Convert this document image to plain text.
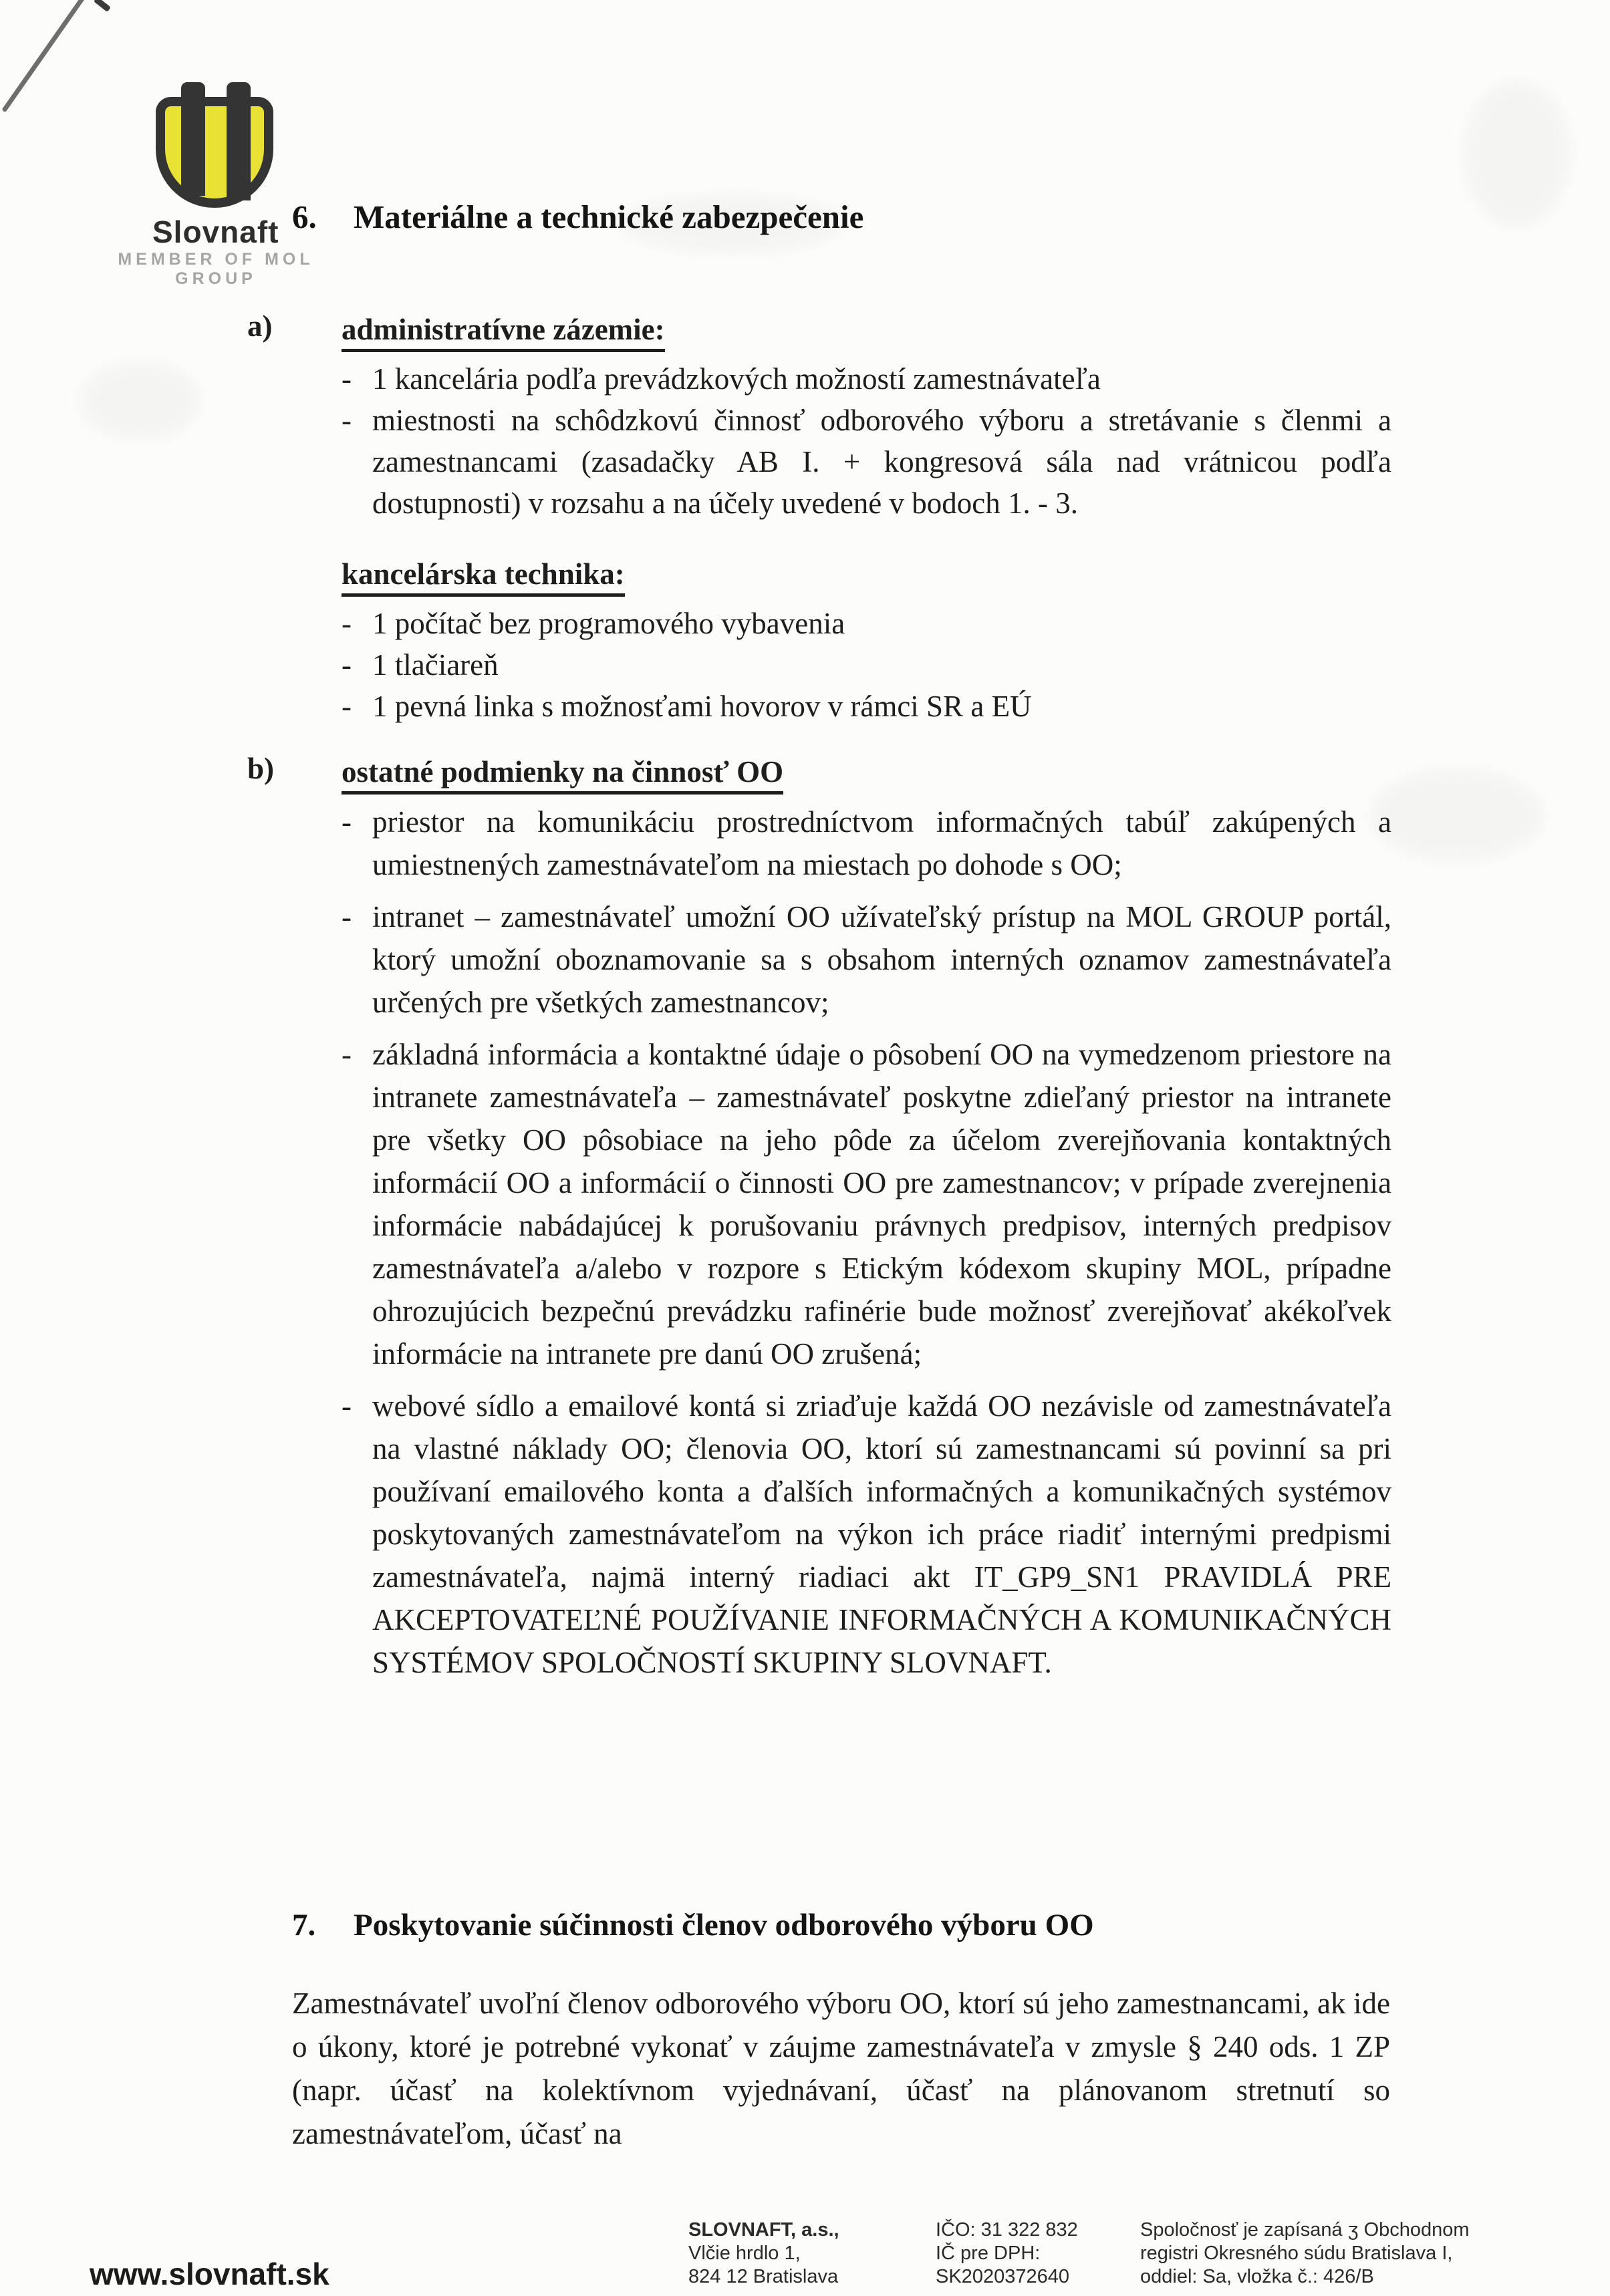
Slovnaft
MEMBER OF MOL GROUP
6.	Materiálne a technické zabezpečenie
a) administratívne zázemie:
- 1 kancelária podľa prevádzkových možností zamestnávateľa
- miestnosti na schôdzkovú činnosť odborového výboru a stretávanie s členmi a zamestnancami (zasadačky AB I. + kongresová sála nad vrátnicou podľa dostupnosti) v rozsahu a na účely uvedené v bodoch 1. - 3.
kancelárska technika:
- 1 počítač bez programového vybavenia
- 1 tlačiareň
- 1 pevná linka s možnosťami hovorov v rámci SR a EÚ
b) ostatné podmienky na činnosť OO
- priestor na komunikáciu prostredníctvom informačných tabúľ zakúpených a umiestnených zamestnávateľom na miestach po dohode s OO;
- intranet – zamestnávateľ umožní OO užívateľský prístup na MOL GROUP portál, ktorý umožní oboznamovanie sa s obsahom interných oznamov zamestnávateľa určených pre všetkých zamestnancov;
- základná informácia a kontaktné údaje o pôsobení OO na vymedzenom priestore na intranete zamestnávateľa – zamestnávateľ poskytne zdieľaný priestor na intranete pre všetky OO pôsobiace na jeho pôde za účelom zverejňovania kontaktných informácií OO a informácií o činnosti OO pre zamestnancov; v prípade zverejnenia informácie nabádajúcej k porušovaniu právnych predpisov, interných predpisov zamestnávateľa a/alebo v rozpore s Etickým kódexom skupiny MOL, prípadne ohrozujúcich bezpečnú prevádzku rafinérie bude možnosť zverejňovať akékoľvek informácie na intranete pre danú OO zrušená;
- webové sídlo a emailové kontá si zriaďuje každá OO nezávisle od zamestnávateľa na vlastné náklady OO; členovia OO, ktorí sú zamestnancami sú povinní sa pri používaní emailového konta a ďalších informačných a komunikačných systémov poskytovaných zamestnávateľom na výkon ich práce riadiť internými predpismi zamestnávateľa, najmä interný riadiaci akt IT_GP9_SN1 PRAVIDLÁ PRE AKCEPTOVATEĽNÉ POUŽÍVANIE INFORMAČNÝCH A KOMUNIKAČNÝCH SYSTÉMOV SPOLOČNOSTÍ SKUPINY SLOVNAFT.
7.	Poskytovanie súčinnosti členov odborového výboru OO
Zamestnávateľ uvoľní členov odborového výboru OO, ktorí sú jeho zamestnancami, ak ide o úkony, ktoré je potrebné vykonať v záujme zamestnávateľa v zmysle § 240 ods. 1 ZP (napr. účasť na kolektívnom vyjednávaní, účasť na plánovanom stretnutí so zamestnávateľom, účasť na
www.slovnaft.sk
SLOVNAFT, a.s.,
Vlčie hrdlo 1,
824 12 Bratislava
IČO: 31 322 832
IČ pre DPH:
SK2020372640
Spoločnosť je zapísaná ʒ Obchodnom
registri Okresného súdu Bratislava I,
oddiel: Sa, vložka č.: 426/B
